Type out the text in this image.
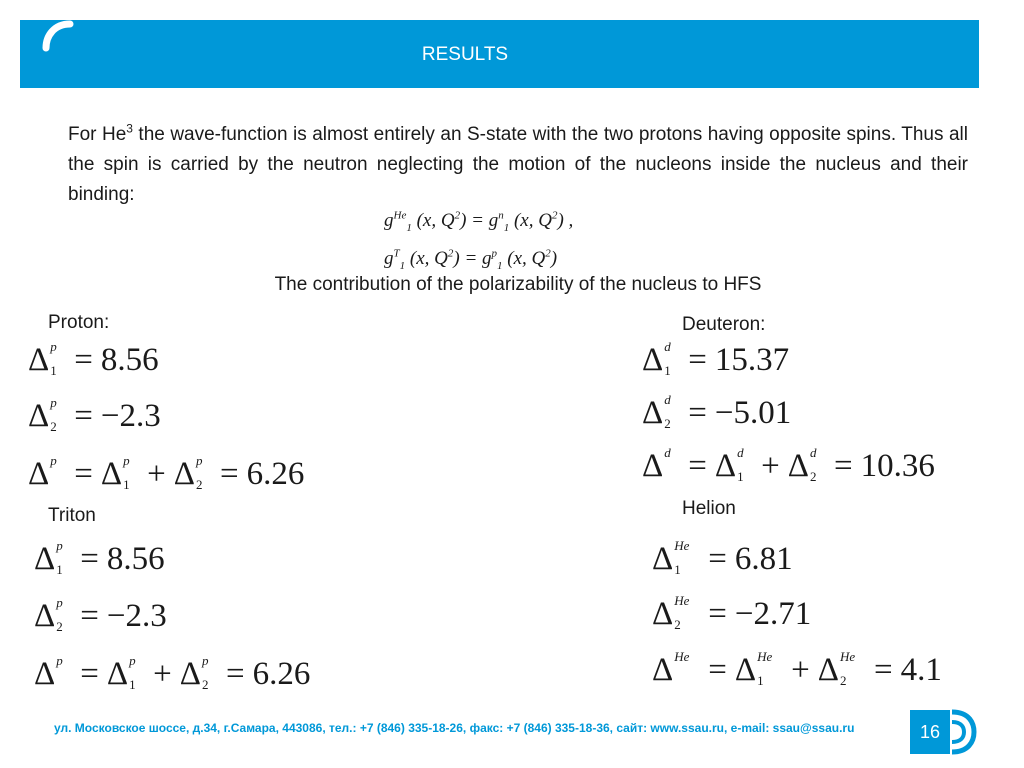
RESULTS
For He$^3$ the wave-function is almost entirely an S-state with the two protons having opposite spins. Thus all the spin is carried by the neutron neglecting the motion of the nucleons inside the nucleus and their binding:
$g^{He}_1$ (x, $Q^2) = g^n_1$ (x, $Q^2$) ,
$g^T_1$ (x, $Q^2) = g^p_1$ (x, $Q^2$)
The contribution of the polarizability of the nucleus to HFS
Proton:
Δ p
1 = 8.56
Δ p
2 = −2.3
Δ p = Δ p
1 + Δ p
2 = 6.26
Triton
Δ p
1 = 8.56
Δ p
2 = −2.3
Δ p = Δ p
1 + Δ p
2 = 6.26
Deuteron:
Δ d
1 = 15.37
Δ d
2 = −5.01
Δ d = Δ d
1 + Δ d
2 = 10.36
Helion
Δ He
1 = 6.81
Δ He
2 = −2.71
Δ He = Δ He
1 + Δ He
2 = 4.1
ул. Московское шоссе, д.34, г.Самара, 443086, тел.: +7 (846) 335-18-26, факс: +7 (846) 335-18-36, сайт: www.ssau.ru, e-mail: ssau@ssau.ru	16
